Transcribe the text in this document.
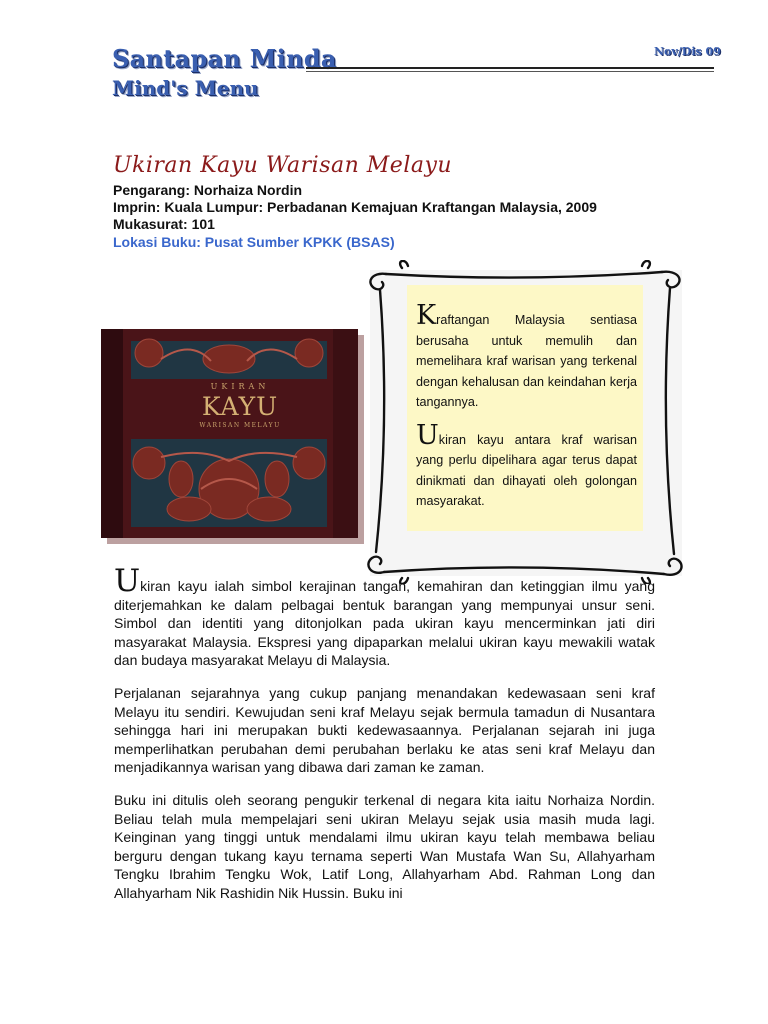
Santapan Minda
Mind's Menu
Nov/Dis 09
Ukiran Kayu Warisan Melayu
Pengarang: Norhaiza Nordin
Imprin: Kuala Lumpur: Perbadanan Kemajuan Kraftangan Malaysia, 2009
Mukasurat: 101
Lokasi Buku: Pusat Sumber KPKK (BSAS)
UKIRAN
KAYU
WARISAN MELAYU

Kraftangan Malaysia sentiasa berusaha untuk memulih dan memelihara kraf warisan yang terkenal dengan kehalusan dan keindahan kerja tangannya.

Ukiran kayu antara kraf warisan yang perlu dipelihara agar terus dapat dinikmati dan dihayati oleh golongan masyarakat.

Ukiran kayu ialah simbol kerajinan tangan, kemahiran dan ketinggian ilmu yang diterjemahkan ke dalam pelbagai bentuk barangan yang mempunyai unsur seni. Simbol dan identiti yang ditonjolkan pada ukiran kayu mencerminkan jati diri masyarakat Malaysia. Ekspresi yang dipaparkan melalui ukiran kayu mewakili watak dan budaya masyarakat Melayu di Malaysia.

Perjalanan sejarahnya yang cukup panjang menandakan kedewasaan seni kraf Melayu itu sendiri. Kewujudan seni kraf Melayu sejak bermula tamadun di Nusantara sehingga hari ini merupakan bukti kedewasaannya. Perjalanan sejarah ini juga memperlihatkan perubahan demi perubahan berlaku ke atas seni kraf Melayu dan menjadikannya warisan yang dibawa dari zaman ke zaman.

Buku ini ditulis oleh seorang pengukir terkenal di negara kita iaitu Norhaiza Nordin. Beliau telah mula mempelajari seni ukiran Melayu sejak usia masih muda lagi. Keinginan yang tinggi untuk mendalami ilmu ukiran kayu telah membawa beliau berguru dengan tukang kayu ternama seperti Wan Mustafa Wan Su, Allahyarham Tengku Ibrahim Tengku Wok, Latif Long, Allahyarham Abd. Rahman Long dan Allahyarham Nik Rashidin Nik Hussin. Buku ini
